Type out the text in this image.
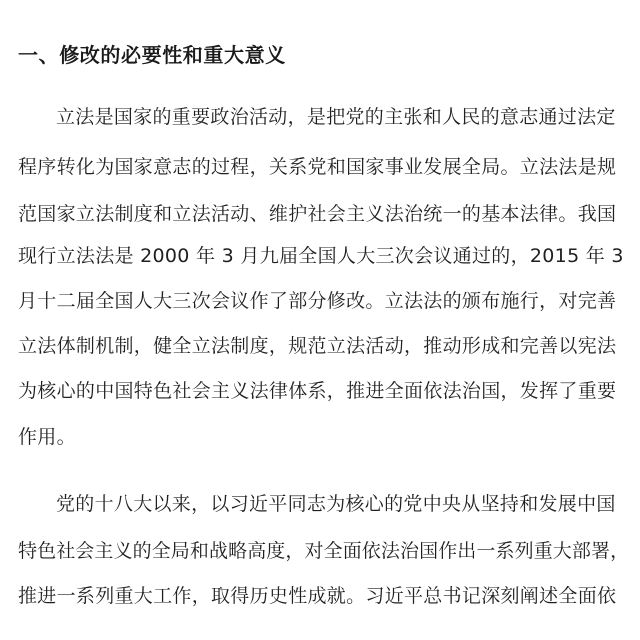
一、修改的必要性和重大意义
立法是国家的重要政治活动，是把党的主张和人民的意志通过法定
程序转化为国家意志的过程，关系党和国家事业发展全局。立法法是规
范国家立法制度和立法活动、维护社会主义法治统一的基本法律。我国
现行立法法是 2000 年 3 月九届全国人大三次会议通过的，2015 年 3
月十二届全国人大三次会议作了部分修改。立法法的颁布施行，对完善
立法体制机制，健全立法制度，规范立法活动，推动形成和完善以宪法
为核心的中国特色社会主义法律体系，推进全面依法治国，发挥了重要
作用。
党的十八大以来，以习近平同志为核心的党中央从坚持和发展中国
特色社会主义的全局和战略高度，对全面依法治国作出一系列重大部署，
推进一系列重大工作，取得历史性成就。习近平总书记深刻阐述全面依
